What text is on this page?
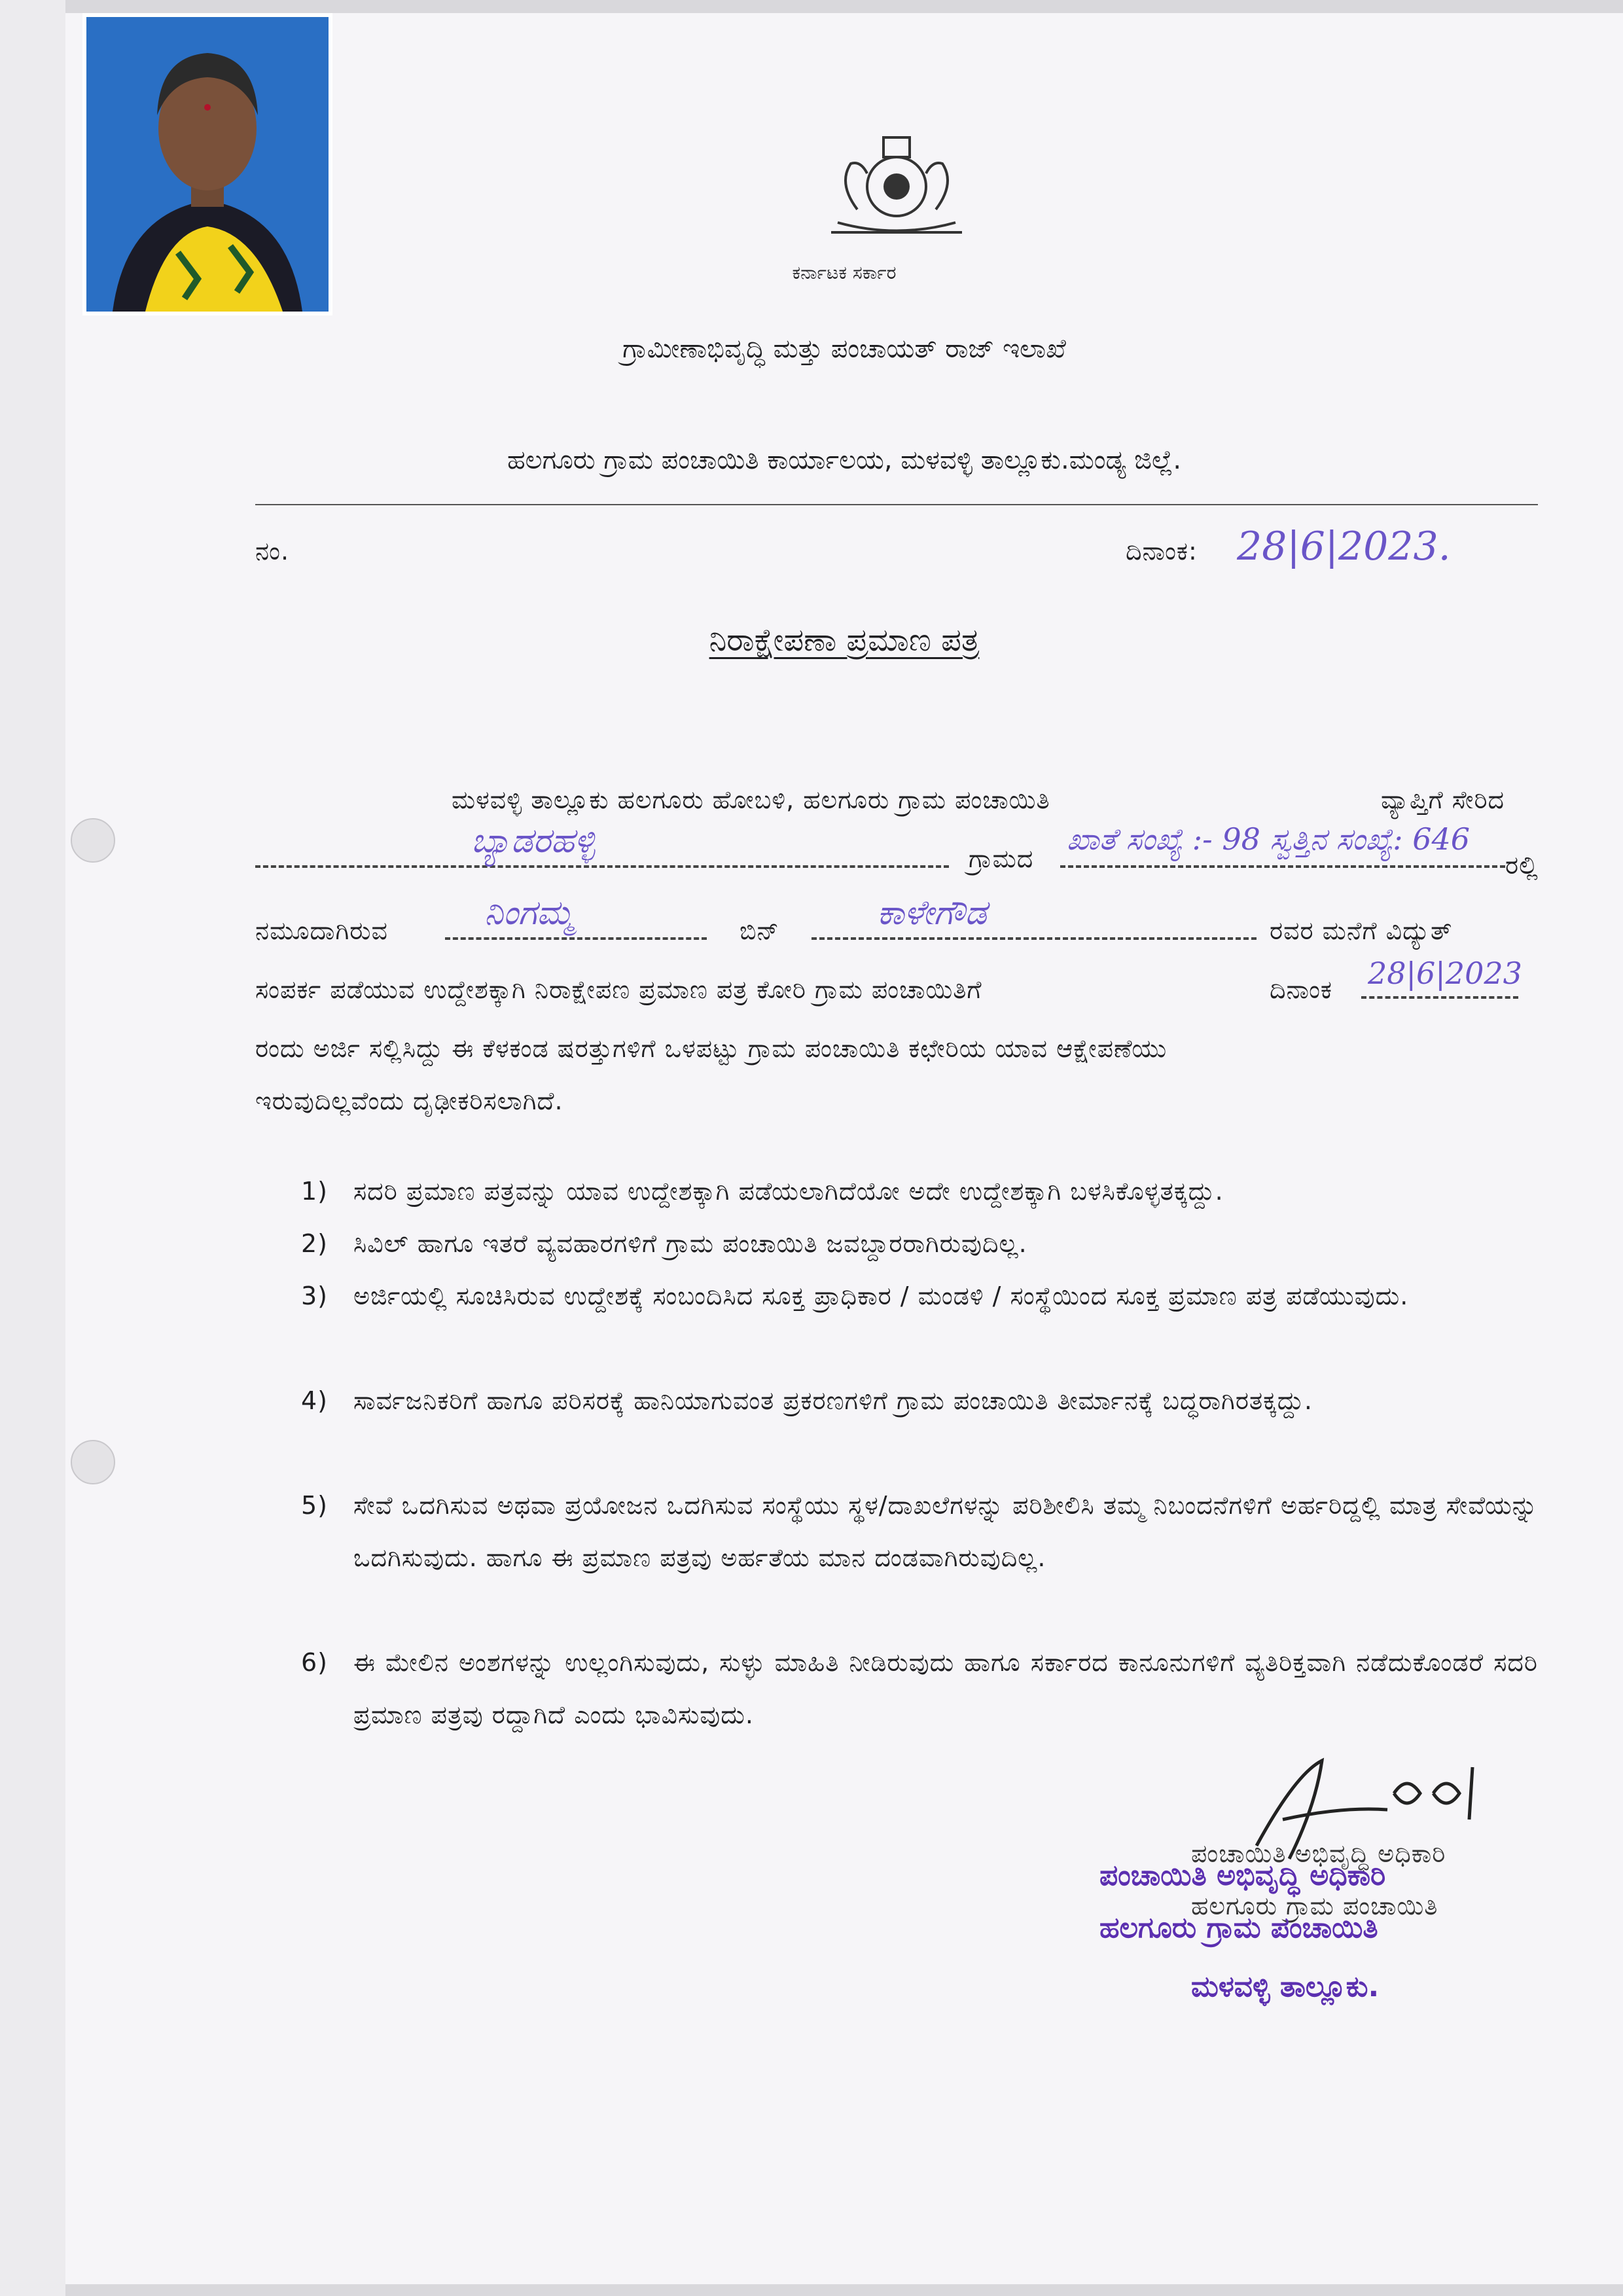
ಕರ್ನಾಟಕ ಸರ್ಕಾರ
ಗ್ರಾಮೀಣಾಭಿವೃದ್ಧಿ ಮತ್ತು ಪಂಚಾಯತ್ ರಾಜ್ ಇಲಾಖೆ
ಹಲಗೂರು ಗ್ರಾಮ ಪಂಚಾಯಿತಿ ಕಾರ್ಯಾಲಯ, ಮಳವಳ್ಳಿ ತಾಲ್ಲೂಕು.ಮಂಡ್ಯ ಜಿಲ್ಲೆ.
ನಂ.	ದಿನಾಂಕ: 28|6|2023.
ನಿರಾಕ್ಷೇಪಣಾ ಪ್ರಮಾಣ ಪತ್ರ
ಮಳವಳ್ಳಿ ತಾಲ್ಲೂಕು ಹಲಗೂರು ಹೋಬಳಿ, ಹಲಗೂರು ಗ್ರಾಮ ಪಂಚಾಯಿತಿ	ವ್ಯಾಪ್ತಿಗೆ ಸೇರಿದ
ಬ್ಯಾಡರಹಳ್ಳಿ	ಗ್ರಾಮದ
ಖಾತೆ ಸಂಖ್ಯೆ :- 98 ಸ್ವತ್ತಿನ ಸಂಖ್ಯೆ: 646
ರಲ್ಲಿ
ನಮೂದಾಗಿರುವ	ನಿಂಗಮ್ಮ	ಬಿನ್	ಕಾಳೇಗೌಡ	ರವರ ಮನೆಗೆ ವಿದ್ಯುತ್
ಸಂಪರ್ಕ ಪಡೆಯುವ ಉದ್ದೇಶಕ್ಕಾಗಿ ನಿರಾಕ್ಷೇಪಣ ಪ್ರಮಾಣ ಪತ್ರ ಕೋರಿ ಗ್ರಾಮ ಪಂಚಾಯಿತಿಗೆ	ದಿನಾಂಕ 28|6|2023
ರಂದು ಅರ್ಜಿ ಸಲ್ಲಿಸಿದ್ದು ಈ ಕೆಳಕಂಡ ಷರತ್ತುಗಳಿಗೆ ಒಳಪಟ್ಟು ಗ್ರಾಮ ಪಂಚಾಯಿತಿ ಕಛೇರಿಯ ಯಾವ ಆಕ್ಷೇಪಣೆಯು
ಇರುವುದಿಲ್ಲವೆಂದು ದೃಢೀಕರಿಸಲಾಗಿದೆ.
1) ಸದರಿ ಪ್ರಮಾಣ ಪತ್ರವನ್ನು ಯಾವ ಉದ್ದೇಶಕ್ಕಾಗಿ ಪಡೆಯಲಾಗಿದೆಯೋ ಅದೇ ಉದ್ದೇಶಕ್ಕಾಗಿ ಬಳಸಿಕೊಳ್ಳತಕ್ಕದ್ದು.
2) ಸಿವಿಲ್ ಹಾಗೂ ಇತರೆ ವ್ಯವಹಾರಗಳಿಗೆ ಗ್ರಾಮ ಪಂಚಾಯಿತಿ ಜವಬ್ದಾರರಾಗಿರುವುದಿಲ್ಲ.
3) ಅರ್ಜಿಯಲ್ಲಿ ಸೂಚಿಸಿರುವ ಉದ್ದೇಶಕ್ಕೆ ಸಂಬಂದಿಸಿದ ಸೂಕ್ತ ಪ್ರಾಧಿಕಾರ / ಮಂಡಳಿ / ಸಂಸ್ಥೆಯಿಂದ ಸೂಕ್ತ ಪ್ರಮಾಣ ಪತ್ರ ಪಡೆಯುವುದು.
4) ಸಾರ್ವಜನಿಕರಿಗೆ ಹಾಗೂ ಪರಿಸರಕ್ಕೆ ಹಾನಿಯಾಗುವಂತ ಪ್ರಕರಣಗಳಿಗೆ ಗ್ರಾಮ ಪಂಚಾಯಿತಿ ತೀರ್ಮಾನಕ್ಕೆ ಬದ್ಧರಾಗಿರತಕ್ಕದ್ದು.
5) ಸೇವೆ ಒದಗಿಸುವ ಅಥವಾ ಪ್ರಯೋಜನ ಒದಗಿಸುವ ಸಂಸ್ಥೆಯು ಸ್ಥಳ/ದಾಖಲೆಗಳನ್ನು ಪರಿಶೀಲಿಸಿ ತಮ್ಮ ನಿಬಂದನೆಗಳಿಗೆ ಅರ್ಹರಿದ್ದಲ್ಲಿ ಮಾತ್ರ ಸೇವೆಯನ್ನು ಒದಗಿಸುವುದು. ಹಾಗೂ ಈ ಪ್ರಮಾಣ ಪತ್ರವು ಅರ್ಹತೆಯ ಮಾನ ದಂಡವಾಗಿರುವುದಿಲ್ಲ.
6) ಈ ಮೇಲಿನ ಅಂಶಗಳನ್ನು ಉಲ್ಲಂಗಿಸುವುದು, ಸುಳ್ಳು ಮಾಹಿತಿ ನೀಡಿರುವುದು ಹಾಗೂ ಸರ್ಕಾರದ ಕಾನೂನುಗಳಿಗೆ ವ್ಯತಿರಿಕ್ತವಾಗಿ ನಡೆದುಕೊಂಡರೆ ಸದರಿ ಪ್ರಮಾಣ ಪತ್ರವು ರದ್ದಾಗಿದೆ ಎಂದು ಭಾವಿಸುವುದು.
ಪಂಚಾಯಿತಿ ಅಭಿವೃದ್ಧಿ ಅಧಿಕಾರಿ
ಹಲಗೂರು ಗ್ರಾಮ ಪಂಚಾಯಿತಿ
ಪಂಚಾಯಿತಿ ಅಭಿವೃದ್ಧಿ ಅಧಿಕಾರಿ
ಹಲಗೂರು ಗ್ರಾಮ ಪಂಚಾಯಿತಿ
ಮಳವಳ್ಳಿ ತಾಲ್ಲೂಕು.
